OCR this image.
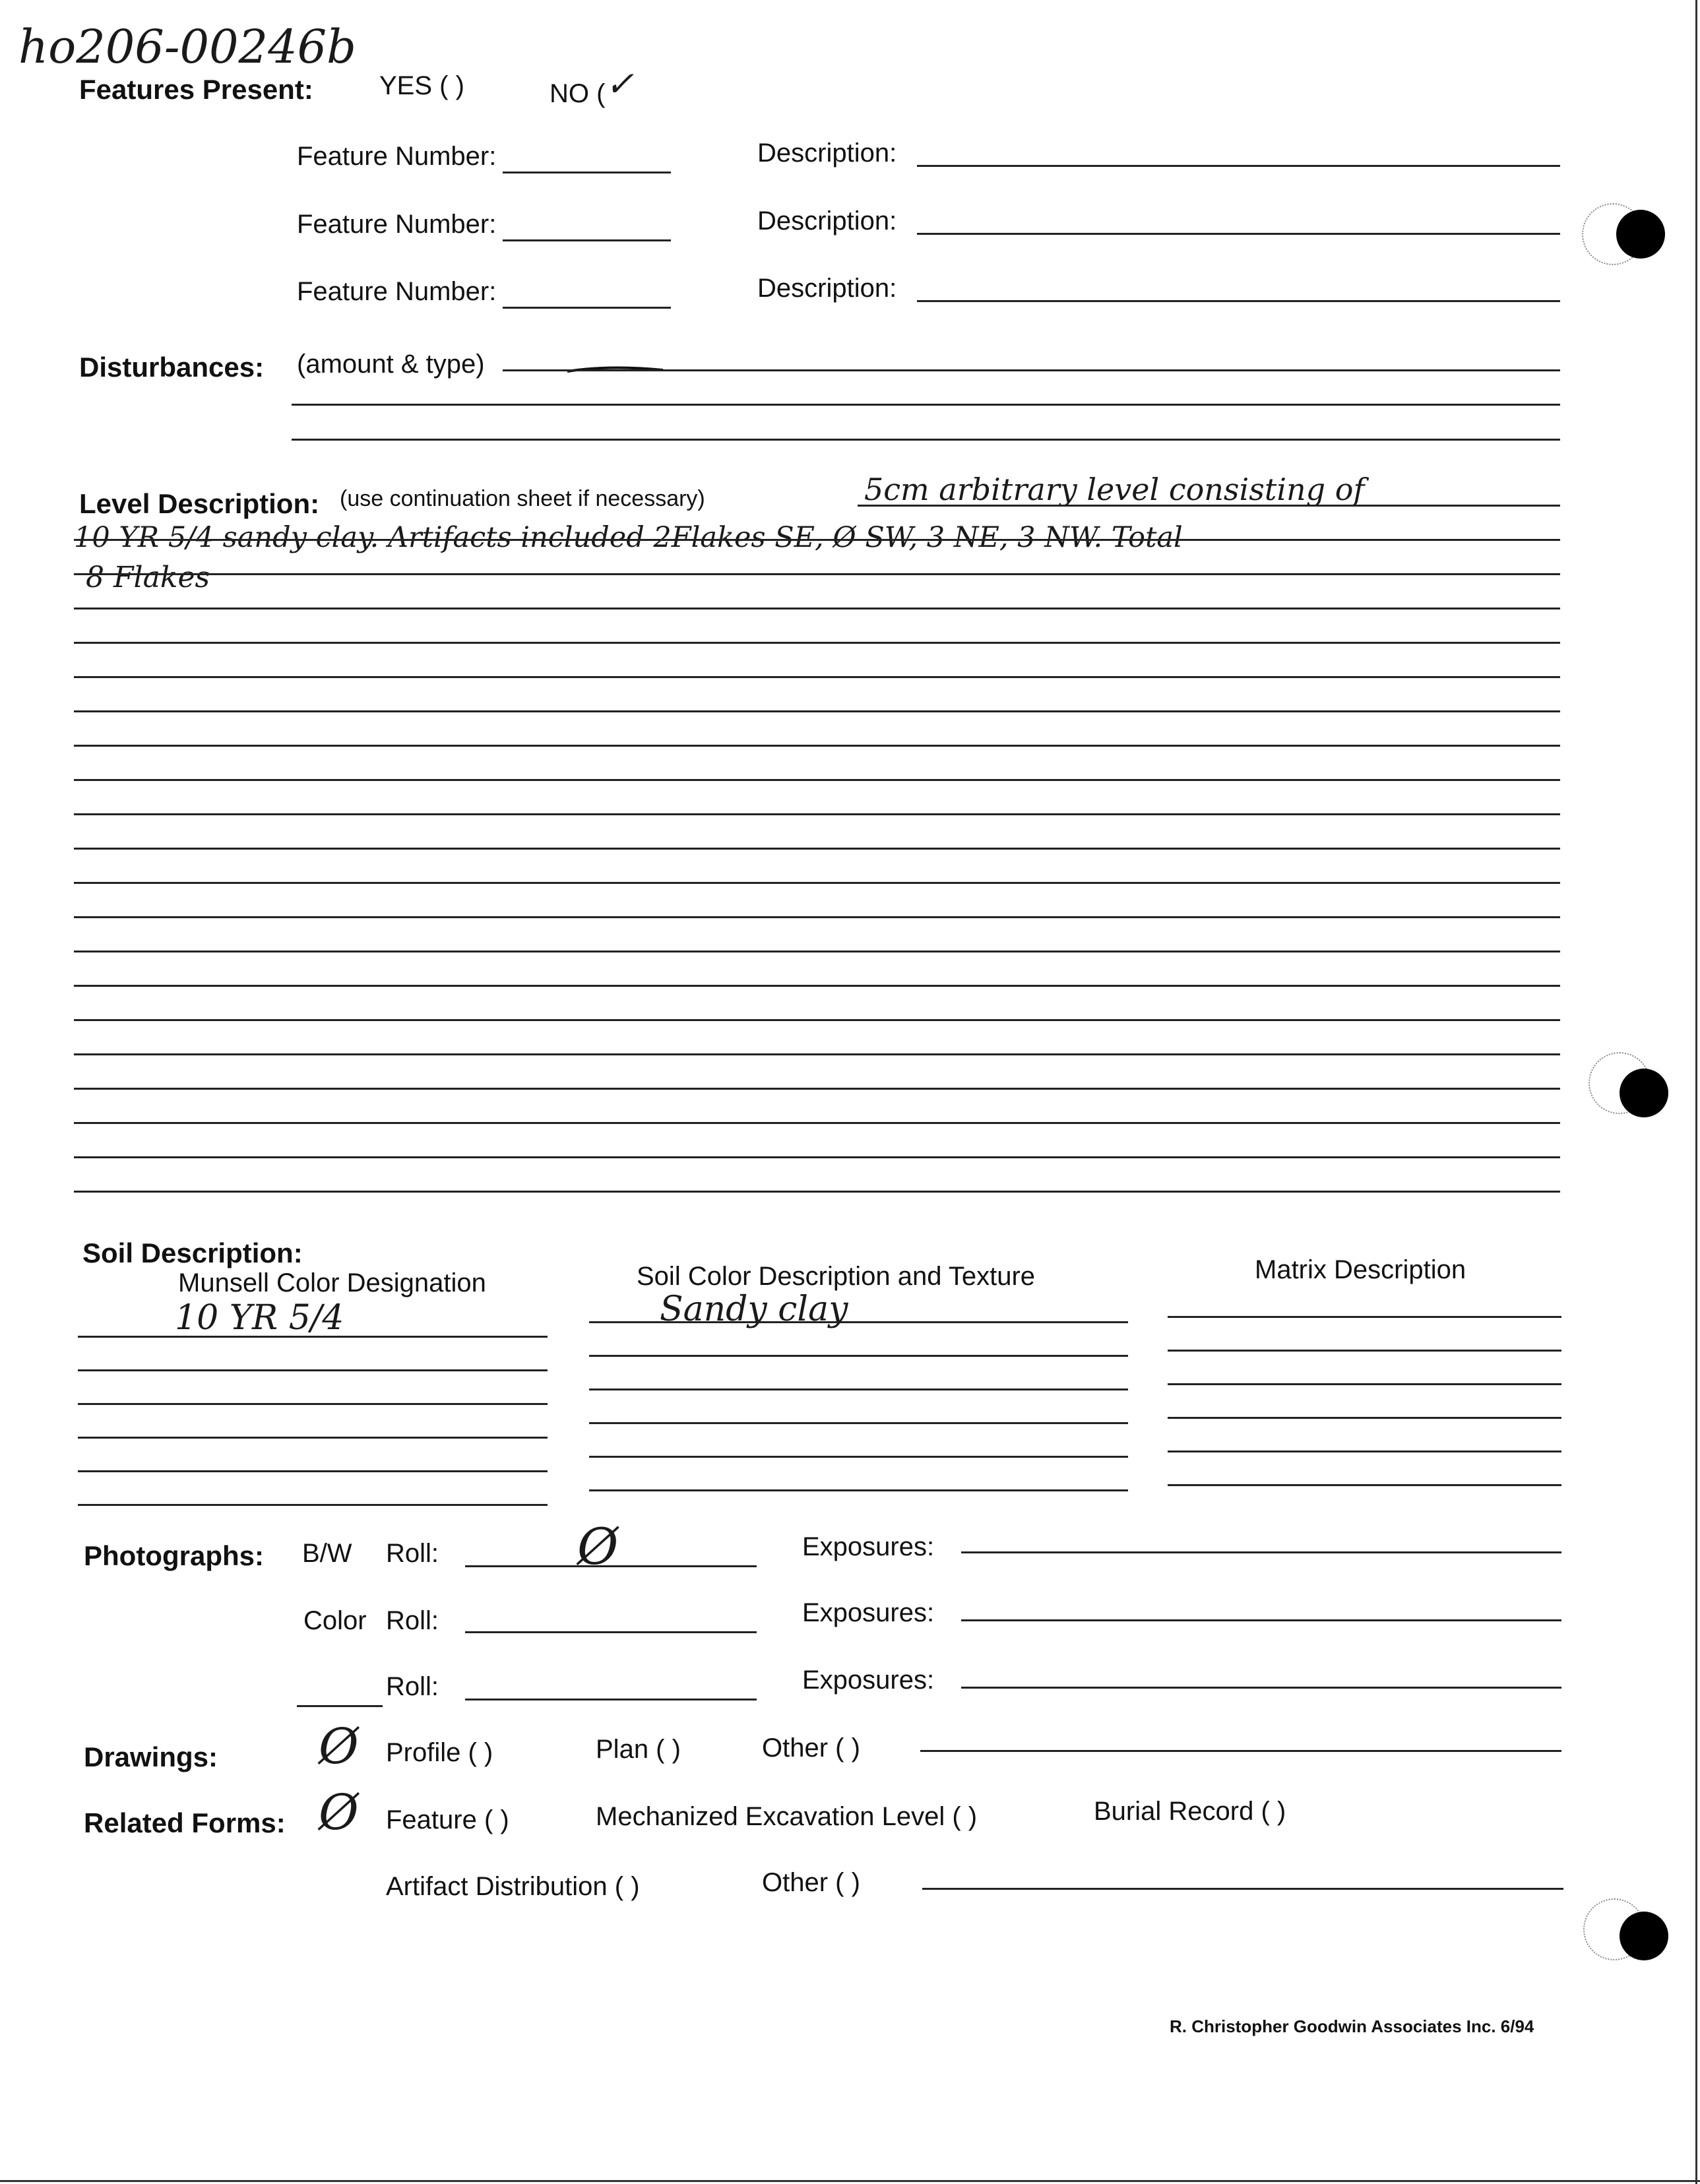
ho206-00246b
Features Present:	YES ( )	NO (✓
Feature Number:	Description:
Feature Number:	Description:
Feature Number:	Description:
Disturbances: (amount & type)
Level Description: (use continuation sheet if necessary)	5cm arbitrary level consisting of
10 YR 5/4 sandy clay. Artifacts included 2Flakes SE, Ø SW, 3 NE, 3 NW. Total
8 Flakes
Soil Description:
Munsell Color Designation	Soil Color Description and Texture	Matrix Description
10 YR 5/4	Sandy clay
Photographs: B/W Roll:	Ø	Exposures:
Color Roll:	Exposures:
Roll:	Exposures:
Drawings: Ø Profile ( )	Plan ( )	Other ( )
Related Forms: Ø Feature ( )	Mechanized Excavation Level ( )	Burial Record ( )
Artifact Distribution ( )	Other ( )
R. Christopher Goodwin Associates Inc. 6/94
